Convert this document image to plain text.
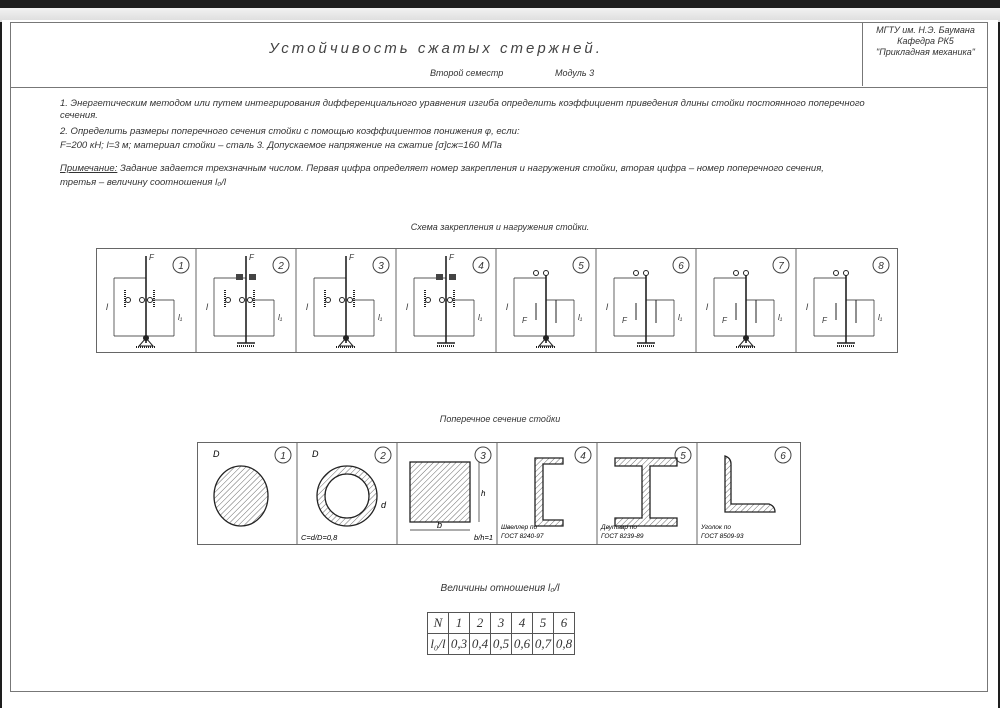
Устойчивость сжатых стержней.
Второй семестр	Модуль 3
МГТУ им. Н.Э. Баумана
Кафедра РК5
"Прикладная механика"
1. Энергетическим методом или путем интегрирования дифференциального уравнения изгиба определить коэффициент приведения длины стойки постоянного поперечного
сечения.
2. Определить размеры поперечного сечения стойки с помощью коэффициентов понижения φ, если:
F=200 кН; l=3 м; материал стойки – сталь 3. Допускаемое напряжение на сжатие [σ]сж=160 МПа
Примечание: Задание задается трехзначным числом. Первая цифра определяет номер закрепления и нагружения стойки, вторая цифра – номер поперечного сечения,
третья – величину соотношения l₀/l
Схема закрепления и нагружения стойки.
1
l
l₁
F
2
l
l₁
F
3
l
l₁
F
4
l
l₁
F
5
l
l₁
F
6
l
l₁
F
7
l
l₁
F
8
l
l₁
F
Поперечное сечение стойки
1
D	2
D
d
C=d/D=0,8
3
b
h
b/h=1
4
Швеллер по
ГОСТ 8240-97
5
Двутавр по
ГОСТ 8239-89
6
Уголок по
ГОСТ 8509-93
Величины отношения l₀/l
N	1	2	3	4	5	6
l₀/l	0,3	0,4	0,5	0,6	0,7	0,8
